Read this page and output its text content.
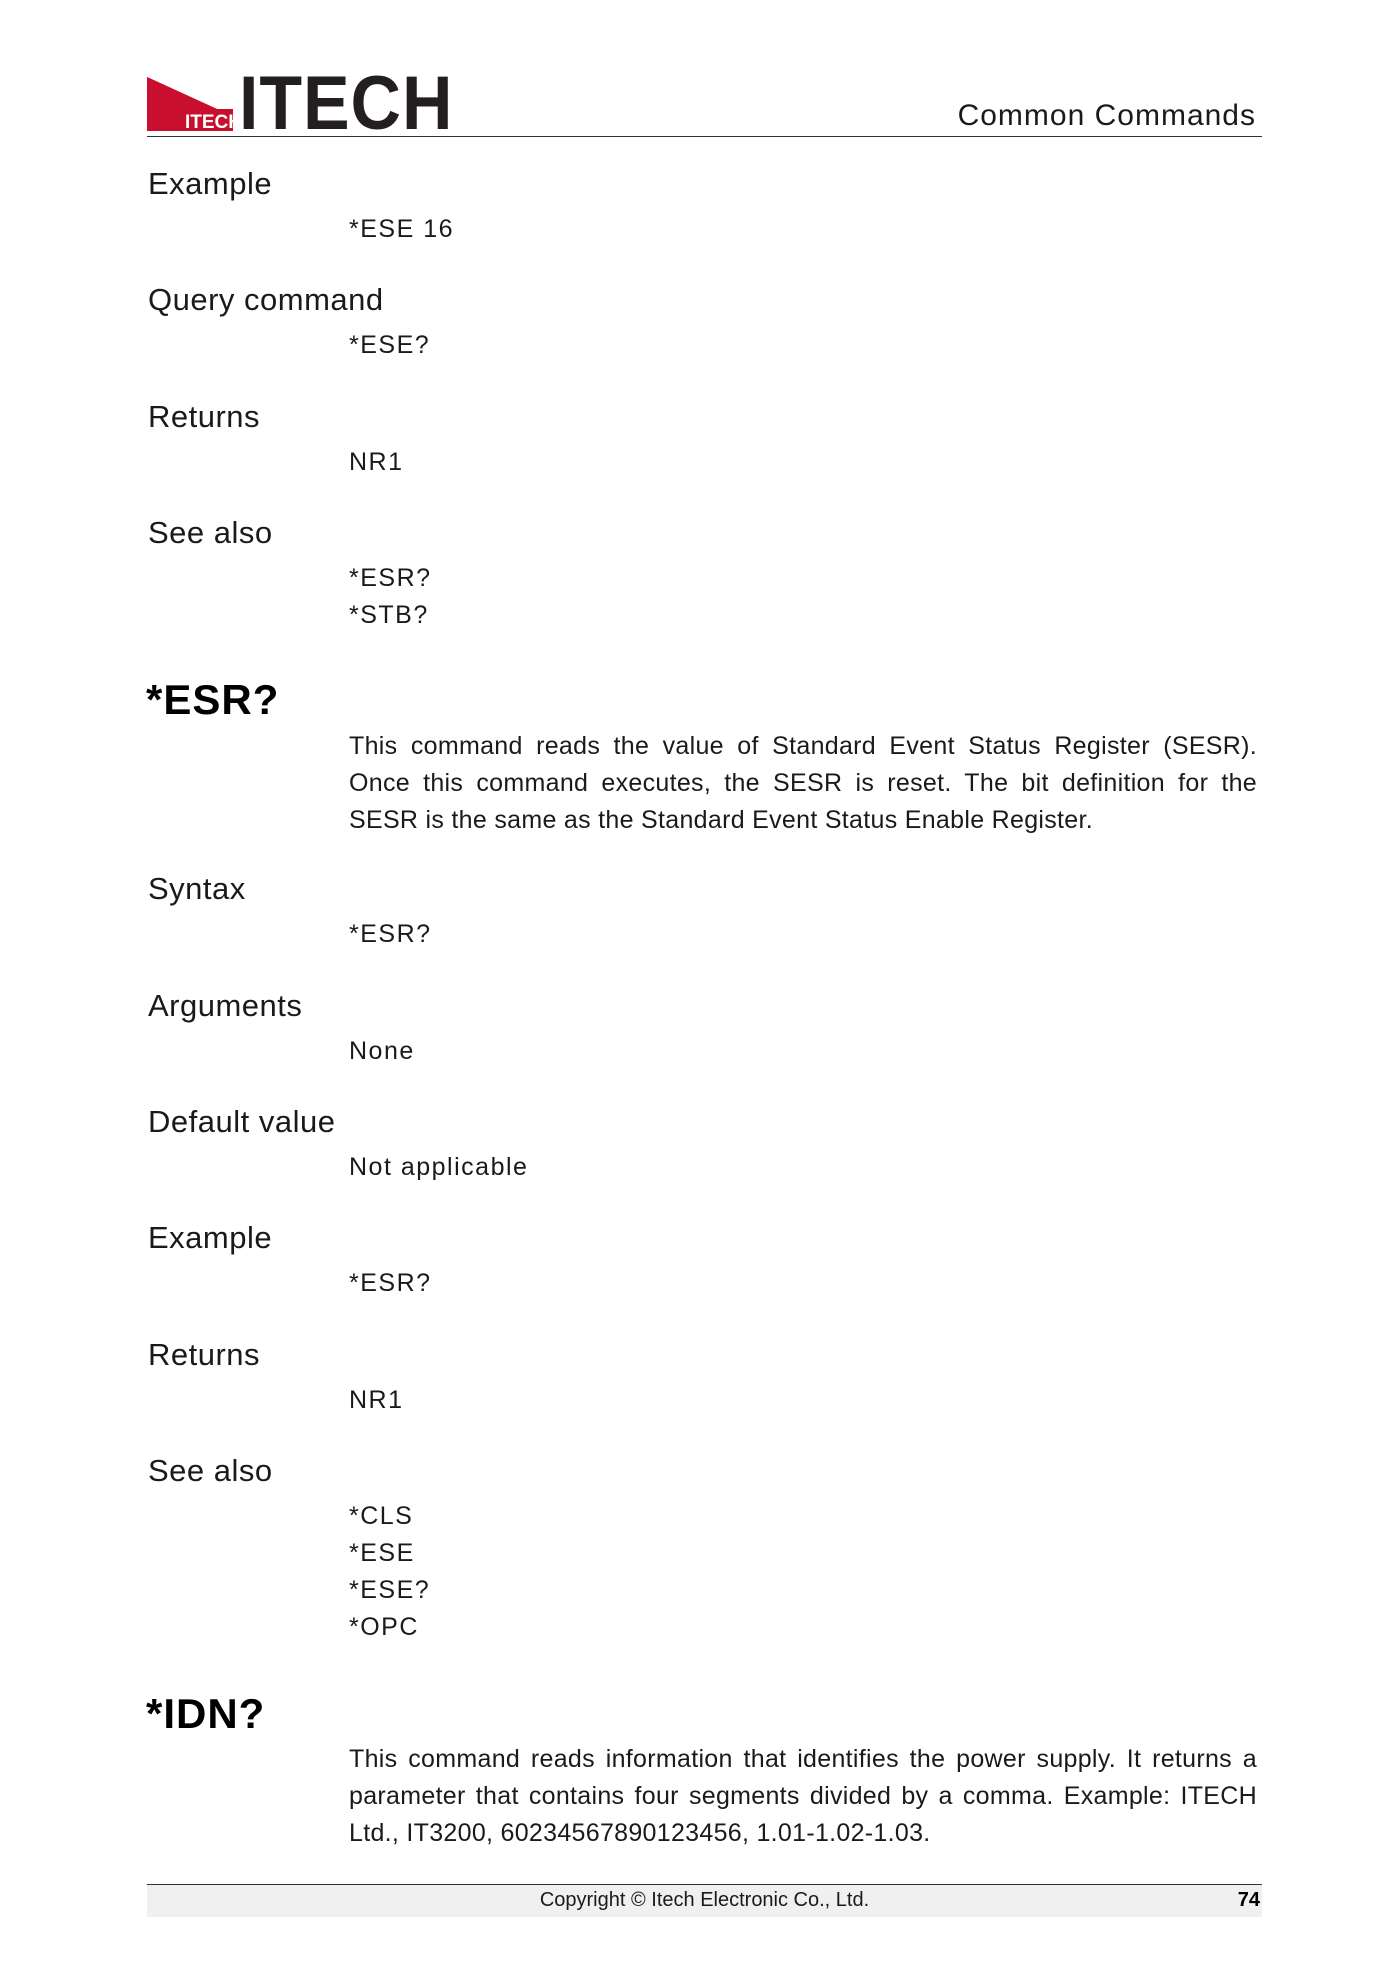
ITECH
ITECH	Common Commands
Example
*ESE 16
Query command
*ESE?
Returns
NR1
See also
*ESR?
*STB?
*ESR?
This command reads the value of Standard Event Status Register (SESR). Once this command executes, the SESR is reset. The bit definition for the SESR is the same as the Standard Event Status Enable Register.
Syntax
*ESR?
Arguments
None
Default value
Not applicable
Example
*ESR?
Returns
NR1
See also
*CLS
*ESE
*ESE?
*OPC
*IDN?
This command reads information that identifies the power supply. It returns a parameter that contains four segments divided by a comma. Example: ITECH Ltd., IT3200, 60234567890123456, 1.01-1.02-1.03.
Copyright © Itech Electronic Co., Ltd.	74
